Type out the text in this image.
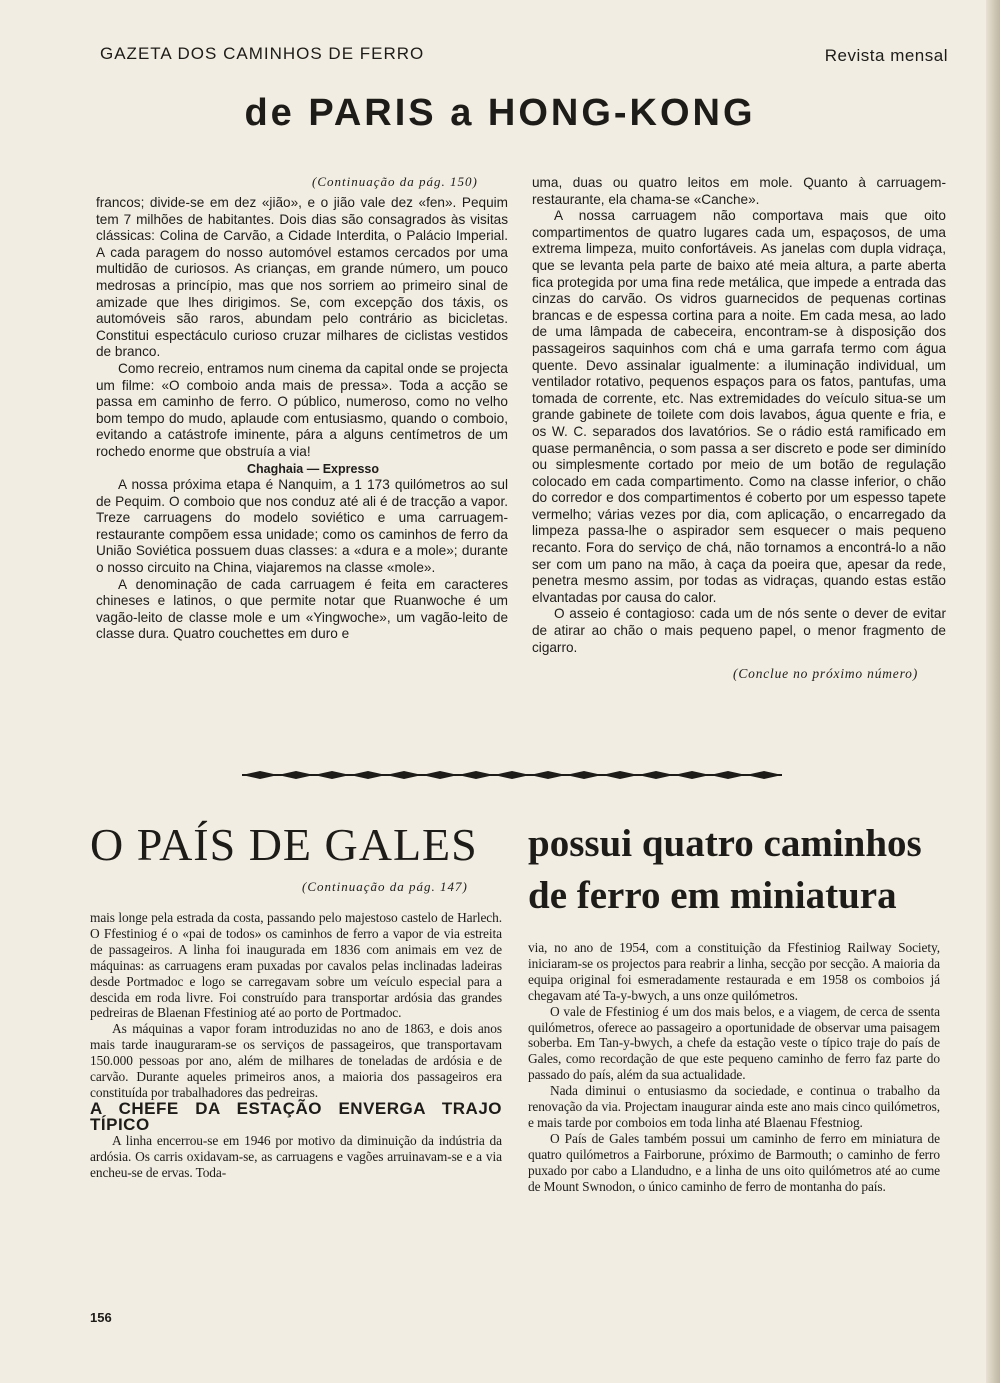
GAZETA DOS CAMINHOS DE FERRO	Revista mensal
de PARIS a HONG-KONG
(Continuação da pág. 150)

francos; divide-se em dez «jião», e o jião vale dez «fen». Pequim tem 7 milhões de habitantes. Dois dias são consagrados às visitas clássicas: Colina de Carvão, a Cidade Interdita, o Palácio Imperial. A cada paragem do nosso automóvel estamos cercados por uma multidão de curiosos. As crianças, em grande número, um pouco medrosas a princípio, mas que nos sorriem ao primeiro sinal de amizade que lhes dirigimos. Se, com excepção dos táxis, os automóveis são raros, abundam pelo contrário as bicicletas. Constitui espectáculo curioso cruzar milhares de ciclistas vestidos de branco.

Como recreio, entramos num cinema da capital onde se projecta um filme: «O comboio anda mais de pressa». Toda a acção se passa em caminho de ferro. O público, numeroso, como no velho bom tempo do mudo, aplaude com entusiasmo, quando o comboio, evitando a catástrofe iminente, pára a alguns centímetros de um rochedo enorme que obstruía a via!

Chaghaia — Expresso

A nossa próxima etapa é Nanquim, a 1 173 quilómetros ao sul de Pequim. O comboio que nos conduz até ali é de tracção a vapor. Treze carruagens do modelo soviético e uma carruagem-restaurante compõem essa unidade; como os caminhos de ferro da União Soviética possuem duas classes: a «dura e a mole»; durante o nosso circuito na China, viajaremos na classe «mole».

A denominação de cada carruagem é feita em caracteres chineses e latinos, o que permite notar que Ruanwoche é um vagão-leito de classe mole e um «Yingwoche», um vagão-leito de classe dura. Quatro couchettes em duro e

uma, duas ou quatro leitos em mole. Quanto à carruagem-restaurante, ela chama-se «Canche».

A nossa carruagem não comportava mais que oito compartimentos de quatro lugares cada um, espaçosos, de uma extrema limpeza, muito confortáveis. As janelas com dupla vidraça, que se levanta pela parte de baixo até meia altura, a parte aberta fica protegida por uma fina rede metálica, que impede a entrada das cinzas do carvão. Os vidros guarnecidos de pequenas cortinas brancas e de espessa cortina para a noite. Em cada mesa, ao lado de uma lâmpada de cabeceira, encontram-se à disposição dos passageiros saquinhos com chá e uma garrafa termo com água quente. Devo assinalar igualmente: a iluminação individual, um ventilador rotativo, pequenos espaços para os fatos, pantufas, uma tomada de corrente, etc. Nas extremidades do veículo situa-se um grande gabinete de toilete com dois lavabos, água quente e fria, e os W. C. separados dos lavatórios. Se o rádio está ramificado em quase permanência, o som passa a ser discreto e pode ser diminído ou simplesmente cortado por meio de um botão de regulação colocado em cada compartimento. Como na classe inferior, o chão do corredor e dos compartimentos é coberto por um espesso tapete vermelho; várias vezes por dia, com aplicação, o encarregado da limpeza passa-lhe o aspirador sem esquecer o mais pequeno recanto. Fora do serviço de chá, não tornamos a encontrá-lo a não ser com um pano na mão, à caça da poeira que, apesar da rede, penetra mesmo assim, por todas as vidraças, quando estas estão elvantadas por causa do calor.

O asseio é contagioso: cada um de nós sente o dever de evitar de atirar ao chão o mais pequeno papel, o menor fragmento de cigarro.

(Conclue no próximo número)
O PAÍS DE GALES possui quatro caminhos
de ferro em miniatura
(Continuação da pág. 147)

mais longe pela estrada da costa, passando pelo majestoso castelo de Harlech. O Ffestiniog é o «pai de todos» os caminhos de ferro a vapor de via estreita de passageiros. A linha foi inaugurada em 1836 com animais em vez de máquinas: as carruagens eram puxadas por cavalos pelas inclinadas ladeiras desde Portmadoc e logo se carregavam sobre um veículo especial para a descida em roda livre. Foi construído para transportar ardósia das grandes pedreiras de Blaenan Ffestiniog até ao porto de Portmadoc.

As máquinas a vapor foram introduzidas no ano de 1863, e dois anos mais tarde inauguraram-se os serviços de passageiros, que transportavam 150.000 pessoas por ano, além de milhares de toneladas de ardósia e de carvão. Durante aqueles primeiros anos, a maioria dos passageiros era constituída por trabalhadores das pedreiras.

A CHEFE DA ESTAÇÃO ENVERGA TRAJO TÍPICO

A linha encerrou-se em 1946 por motivo da diminuição da indústria da ardósia. Os carris oxidavam-se, as carruagens e vagões arruinavam-se e a via encheu-se de ervas. Toda-

via, no ano de 1954, com a constituição da Ffestiniog Railway Society, iniciaram-se os projectos para reabrir a linha, secção por secção. A maioria da equipa original foi esmeradamente restaurada e em 1958 os comboios já chegavam até Ta-y-bwych, a uns onze quilómetros.

O vale de Ffestiniog é um dos mais belos, e a viagem, de cerca de ssenta quilómetros, oferece ao passageiro a oportunidade de observar uma paisagem soberba. Em Tan-y-bwych, a chefe da estação veste o típico traje do país de Gales, como recordação de que este pequeno caminho de ferro faz parte do passado do país, além da sua actualidade.

Nada diminui o entusiasmo da sociedade, e continua o trabalho da renovação da via. Projectam inaugurar ainda este ano mais cinco quilómetros, e mais tarde por comboios em toda linha até Blaenau Ffestniog.

O País de Gales também possui um caminho de ferro em miniatura de quatro quilómetros a Fairborune, próximo de Barmouth; o caminho de ferro puxado por cabo a Llandudno, e a linha de uns oito quilómetros até ao cume de Mount Swnodon, o único caminho de ferro de montanha do país.

156
